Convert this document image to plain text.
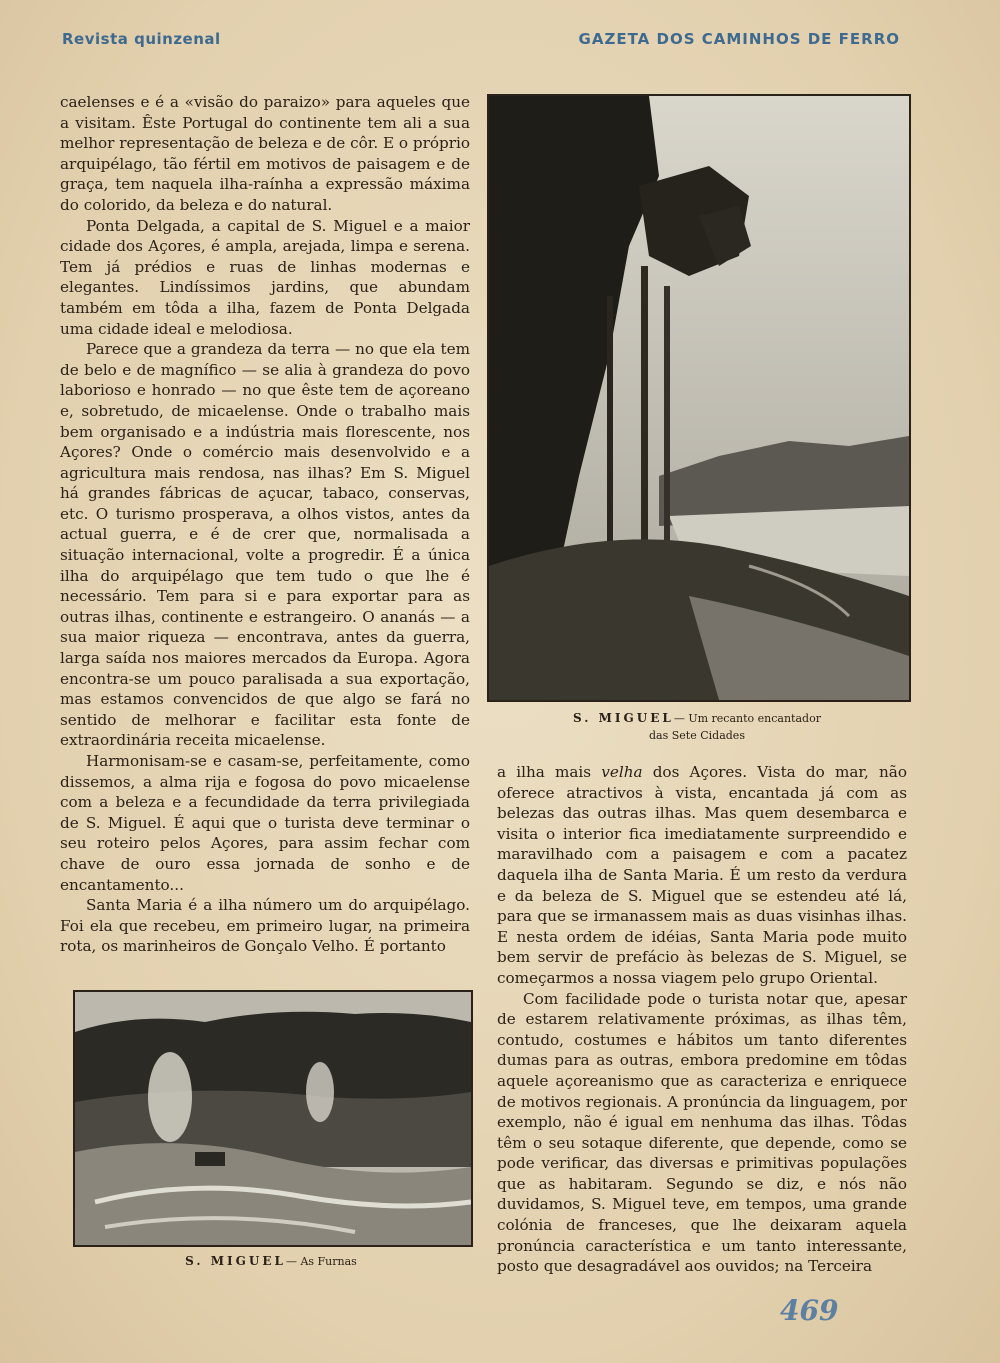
Revista quinzenal	GAZETA DOS CAMINHOS DE FERRO

caelenses e é a «visão do paraizo» para aqueles que a visitam. Êste Portugal do continente tem ali a sua melhor representação de beleza e de côr. E o próprio arquipélago, tão fértil em motivos de paisagem e de graça, tem naquela ilha-raínha a expressão máxima do colorido, da beleza e do natural.

Ponta Delgada, a capital de S. Miguel e a maior cidade dos Açores, é ampla, arejada, limpa e serena. Tem já prédios e ruas de linhas modernas e elegantes. Lindíssimos jardins, que abundam também em tôda a ilha, fazem de Ponta Delgada uma cidade ideal e melodiosa.

Parece que a grandeza da terra — no que ela tem de belo e de magnífico — se alia à grandeza do povo laborioso e honrado — no que êste tem de açoreano e, sobretudo, de micaelense. Onde o trabalho mais bem organisado e a indústria mais florescente, nos Açores? Onde o comércio mais desenvolvido e a agricultura mais rendosa, nas ilhas? Em S. Miguel há grandes fábricas de açucar, tabaco, conservas, etc. O turismo prosperava, a olhos vistos, antes da actual guerra, e é de crer que, normalisada a situação internacional, volte a progredir. É a única ilha do arquipélago que tem tudo o que lhe é necessário. Tem para si e para exportar para as outras ilhas, continente e estrangeiro. O ananás — a sua maior riqueza — encontrava, antes da guerra, larga saída nos maiores mercados da Europa. Agora encontra-se um pouco paralisada a sua exportação, mas estamos convencidos de que algo se fará no sentido de melhorar e facilitar esta fonte de extraordinária receita micaelense.

Harmonisam-se e casam-se, perfeitamente, como dissemos, a alma rija e fogosa do povo micaelense com a beleza e a fecundidade da terra privilegiada de S. Miguel. É aqui que o turista deve terminar o seu roteiro pelos Açores, para assim fechar com chave de ouro essa jornada de sonho e de encantamento...

Santa Maria é a ilha número um do arquipélago. Foi ela que recebeu, em primeiro lugar, na primeira rota, os marinheiros de Gonçalo Velho. É portanto

S. MIGUEL— Um recanto encantador
das Sete Cidades

a ilha mais velha dos Açores. Vista do mar, não oferece atractivos à vista, encantada já com as belezas das outras ilhas. Mas quem desembarca e visita o interior fica imediatamente surpreendido e maravilhado com a paisagem e com a pacatez daquela ilha de Santa Maria. É um resto da verdura e da beleza de S. Miguel que se estendeu até lá, para que se irmanassem mais as duas visinhas ilhas. E nesta ordem de idéias, Santa Maria pode muito bem servir de prefácio às belezas de S. Miguel, se começarmos a nossa viagem pelo grupo Oriental.

Com facilidade pode o turista notar que, apesar de estarem relativamente próximas, as ilhas têm, contudo, costumes e hábitos um tanto diferentes dumas para as outras, embora predomine em tôdas aquele açoreanismo que as caracteriza e enriquece de motivos regionais. A pronúncia da linguagem, por exemplo, não é igual em nenhuma das ilhas. Tôdas têm o seu sotaque diferente, que depende, como se pode verificar, das diversas e primitivas populações que as habitaram. Segundo se diz, e nós não duvidamos, S. Miguel teve, em tempos, uma grande colónia de franceses, que lhe deixaram aquela pronúncia característica e um tanto interessante, posto que desagradável aos ouvidos; na Terceira

S. MIGUEL— As Furnas
469
